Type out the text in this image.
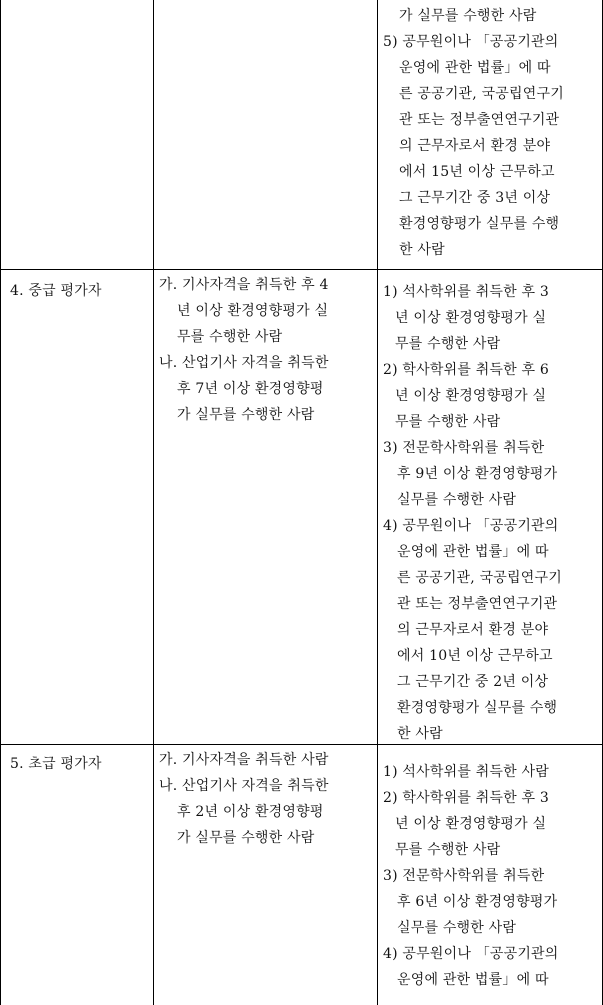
가 실무를 수행한 사람
5) 공무원이나 「공공기관의
운영에 관한 법률」에 따
른 공공기관, 국공립연구기
관 또는 정부출연연구기관
의 근무자로서 환경 분야
에서 15년 이상 근무하고
그 근무기간 중 3년 이상
환경영향평가 실무를 수행
한 사람
4. 중급 평가자	가. 기사자격을 취득한 후 4
년 이상 환경영향평가 실
무를 수행한 사람
나. 산업기사 자격을 취득한
후 7년 이상 환경영향평
가 실무를 수행한 사람
1) 석사학위를 취득한 후 3
년 이상 환경영향평가 실
무를 수행한 사람
2) 학사학위를 취득한 후 6
년 이상 환경영향평가 실
무를 수행한 사람
3) 전문학사학위를 취득한
후 9년 이상 환경영향평가
실무를 수행한 사람
4) 공무원이나 「공공기관의
운영에 관한 법률」에 따
른 공공기관, 국공립연구기
관 또는 정부출연연구기관
의 근무자로서 환경 분야
에서 10년 이상 근무하고
그 근무기간 중 2년 이상
환경영향평가 실무를 수행
한 사람
5. 초급 평가자	가. 기사자격을 취득한 사람
나. 산업기사 자격을 취득한
후 2년 이상 환경영향평
가 실무를 수행한 사람
1) 석사학위를 취득한 사람
2) 학사학위를 취득한 후 3
년 이상 환경영향평가 실
무를 수행한 사람
3) 전문학사학위를 취득한
후 6년 이상 환경영향평가
실무를 수행한 사람
4) 공무원이나 「공공기관의
운영에 관한 법률」에 따
